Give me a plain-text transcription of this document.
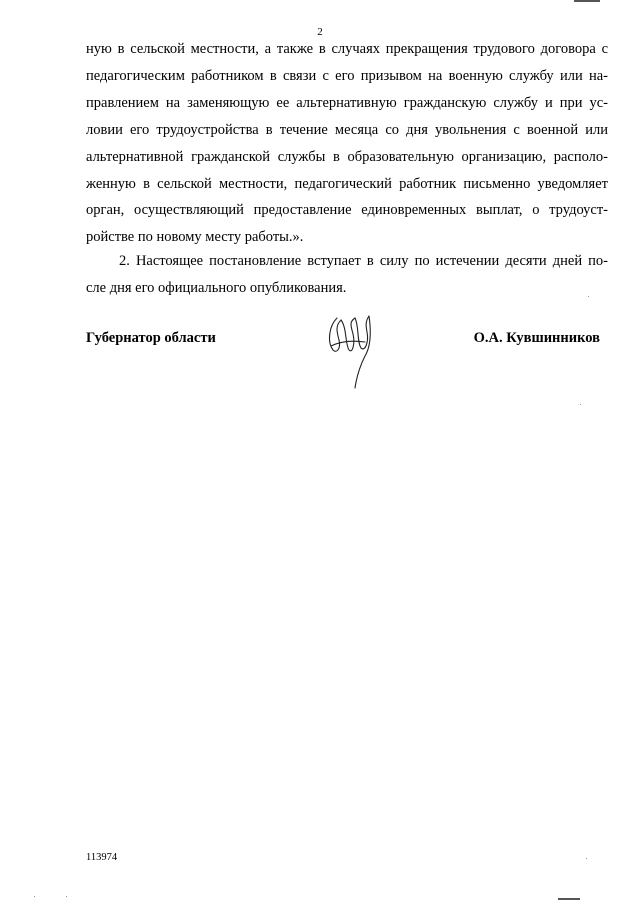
2
ную в сельской местности, а также в случаях прекращения трудового договора с
педагогическим работником в связи с его призывом на военную службу или на-
правлением на заменяющую ее альтернативную гражданскую службу и при ус-
ловии его трудоустройства в течение месяца со дня увольнения с военной или
альтернативной гражданской службы в образовательную организацию, располо-
женную в сельской местности, педагогический работник письменно уведомляет
орган, осуществляющий предоставление единовременных выплат, о трудоуст-
ройстве по новому месту работы.».
2. Настоящее постановление вступает в силу по истечении десяти дней по-
сле дня его официального опубликования.
Губернатор области	О.А. Кувшинников
113974
